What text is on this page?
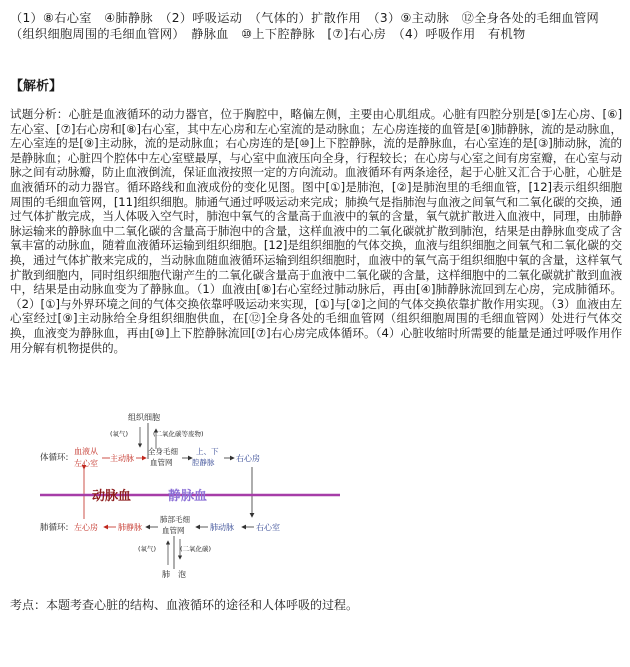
（1）⑧右心室　④肺静脉　（2）呼吸运动　（气体的）扩散作用　（3）⑨主动脉　⑫全身各处的毛细血管网（组织细胞周围的毛细血管网）　静脉血　⑩上下腔静脉　[⑦]右心房　（4）呼吸作用　有机物
【解析】
试题分析：心脏是血液循环的动力器官，位于胸腔中，略偏左侧，主要由心肌组成。心脏有四腔分别是[⑤]左心房、[⑥]左心室、[⑦]右心房和[⑧]右心室，其中左心房和左心室流的是动脉血；左心房连接的血管是[④]肺静脉，流的是动脉血，左心室连的是[⑨]主动脉，流的是动脉血；右心房连的是[⑩]上下腔静脉，流的是静脉血，右心室连的是[③]肺动脉，流的是静脉血；心脏四个腔体中左心室壁最厚，与心室中血液压向全身，行程较长；在心房与心室之间有房室瓣，在心室与动脉之间有动脉瓣，防止血液倒流，保证血液按照一定的方向流动。血液循环有两条途径，起于心脏又汇合于心脏，心脏是血液循环的动力器官。循环路线和血液成份的变化见图。图中[①]是肺泡，[②]是肺泡里的毛细血管，[12]表示组织细胞周围的毛细血管网，[11]组织细胞。肺通气通过呼吸运动来完成；肺换气是指肺泡与血液之间氧气和二氧化碳的交换，通过气体扩散完成，当人体吸入空气时，肺泡中氧气的含量高于血液中的氧的含量，氧气就扩散进入血液中，同理，由肺静脉运输来的静脉血中二氧化碳的含量高于肺泡中的含量，这样血液中的二氧化碳就扩散到肺泡，结果是由静脉血变成了含氧丰富的动脉血，随着血液循环运输到组织细胞。[12]是组织细胞的气体交换，血液与组织细胞之间氧气和二氧化碳的交换，通过气体扩散来完成的，当动脉血随血液循环运输到组织细胞时，血液中的氧气高于组织细胞中氧的含量，这样氧气扩散到细胞内，同时组织细胞代谢产生的二氧化碳含量高于血液中二氧化碳的含量，这样细胞中的二氧化碳就扩散到血液中，结果是由动脉血变为了静脉血。（1）血液由[⑧]右心室经过肺动脉后，再由[④]肺静脉流回到左心房，完成肺循环。（2）[①]与外界环境之间的气体交换依靠呼吸运动来实现，[①]与[②]之间的气体交换依靠扩散作用实现。（3）血液由左心室经过[⑨]主动脉给全身组织细胞供血，在[⑫]全身各处的毛细血管网（组织细胞周围的毛细血管网）处进行气体交换，血液变为静脉血，再由[⑩]上下腔静脉流回[⑦]右心房完成体循环。（4）心脏收缩时所需要的能量是通过呼吸作用作用分解有机物提供的。
组织细胞
(氧气)	(二氧化碳等废物)
体循环:
血液从
左心室
主动脉
全身毛细
血管网
上、下
腔静脉	右心房
动脉血	静脉血
肺循环: 左心房	肺静脉
肺部毛细
血管网	肺动脉	右心室
(氧气)	(二氧化碳)
肺　泡
考点：本题考查心脏的结构、血液循环的途径和人体呼吸的过程。
